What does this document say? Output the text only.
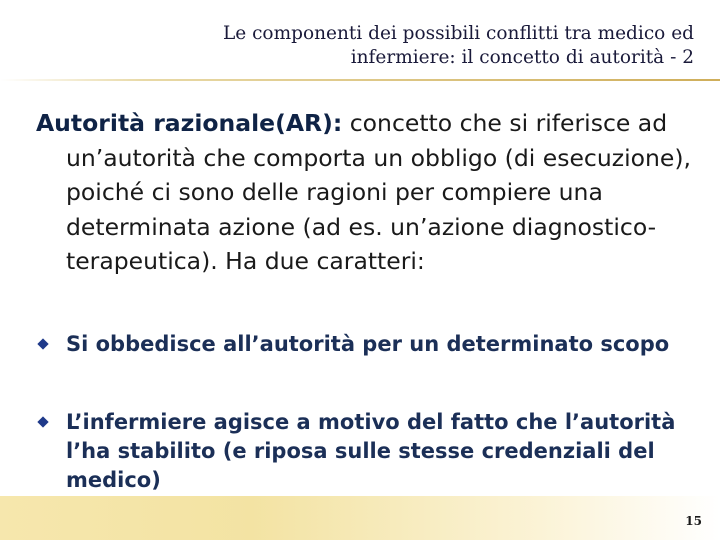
Le componenti dei possibili conflitti tra medico ed
infermiere: il concetto di autorità - 2
Autorità razionale(AR): concetto che si riferisce ad un’autorità che comporta un obbligo (di esecuzione), poiché ci sono delle ragioni per compiere una determinata azione (ad es. un’azione diagnostico-terapeutica). Ha due caratteri:
Si obbedisce all’autorità per un determinato scopo
L’infermiere agisce a motivo del fatto che l’autorità l’ha stabilito (e riposa sulle stesse credenziali del medico)
15
